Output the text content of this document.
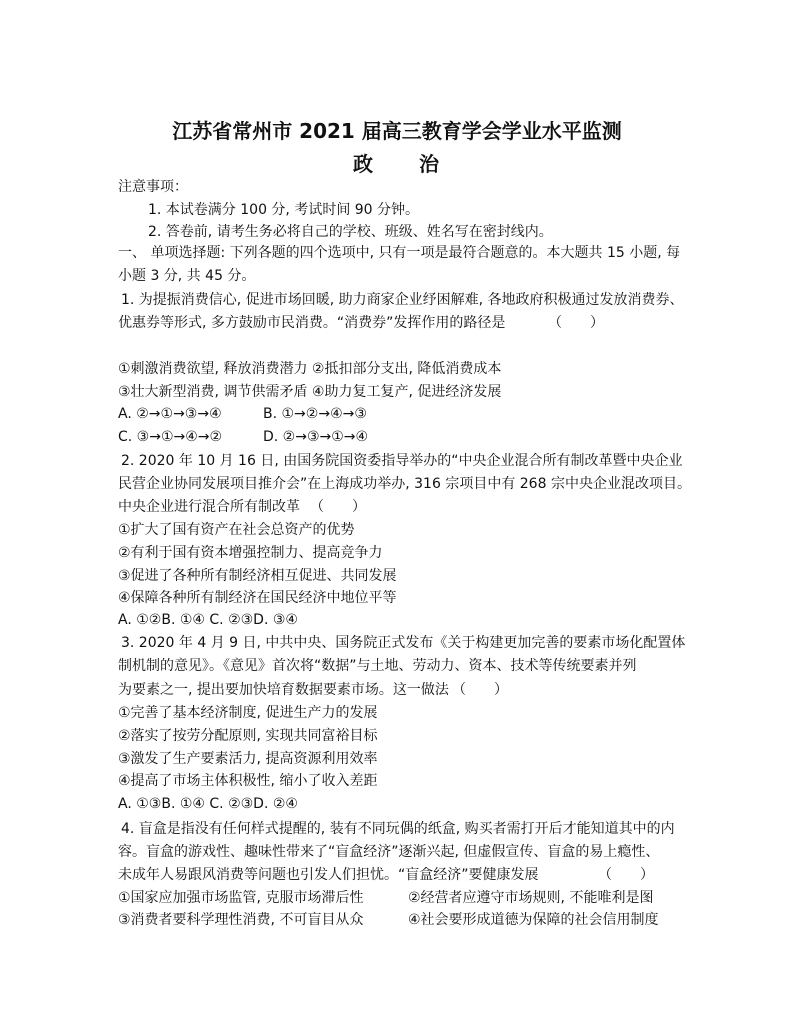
江苏省常州市 2021 届高三教育学会学业水平监测
政　　治
注意事项：
1. 本试卷满分 100 分, 考试时间 90 分钟。
2. 答卷前, 请考生务必将自己的学校、班级、姓名写在密封线内。
一、 单项选择题: 下列各题的四个选项中, 只有一项是最符合题意的。本大题共 15 小题, 每
小题 3 分, 共 45 分。
1. 为提振消费信心, 促进市场回暖, 助力商家企业纾困解难, 各地政府积极通过发放消费券、
优惠券等形式, 多方鼓励市民消费。“消费券”发挥作用的路径是	（　　）
①刺激消费欲望, 释放消费潜力 ②抵扣部分支出, 降低消费成本
③壮大新型消费, 调节供需矛盾 ④助力复工复产, 促进经济发展
A. ②→①→③→④	B. ①→②→④→③
C. ③→①→④→②	D. ②→③→①→④
2. 2020 年 10 月 16 日, 由国务院国资委指导举办的“中央企业混合所有制改革暨中央企业
民营企业协同发展项目推介会”在上海成功举办, 316 宗项目中有 268 宗中央企业混改项目。
中央企业进行混合所有制改革 （　　）
①扩大了国有资产在社会总资产的优势
②有利于国有资本增强控制力、提高竞争力
③促进了各种所有制经济相互促进、共同发展
④保障各种所有制经济在国民经济中地位平等
A. ①②B. ①④ C. ②③D. ③④
3. 2020 年 4 月 9 日, 中共中央、国务院正式发布《关于构建更加完善的要素市场化配置体
制机制的意见》。《意见》首次将“数据”与土地、劳动力、资本、技术等传统要素并列
为要素之一, 提出要加快培育数据要素市场。这一做法 （　　）
①完善了基本经济制度, 促进生产力的发展
②落实了按劳分配原则, 实现共同富裕目标
③激发了生产要素活力, 提高资源利用效率
④提高了市场主体积极性, 缩小了收入差距
A. ①③B. ①④ C. ②③D. ②④
4. 盲盒是指没有任何样式提醒的, 装有不同玩偶的纸盒, 购买者需打开后才能知道其中的内
容。盲盒的游戏性、趣味性带来了“盲盒经济”逐渐兴起, 但虚假宣传、盲盒的易上瘾性、
未成年人易跟风消费等问题也引发人们担忧。“盲盒经济”要健康发展	（　　）
①国家应加强市场监管, 克服市场滞后性	②经营者应遵守市场规则, 不能唯利是图
③消费者要科学理性消费, 不可盲目从众	④社会要形成道德为保障的社会信用制度
